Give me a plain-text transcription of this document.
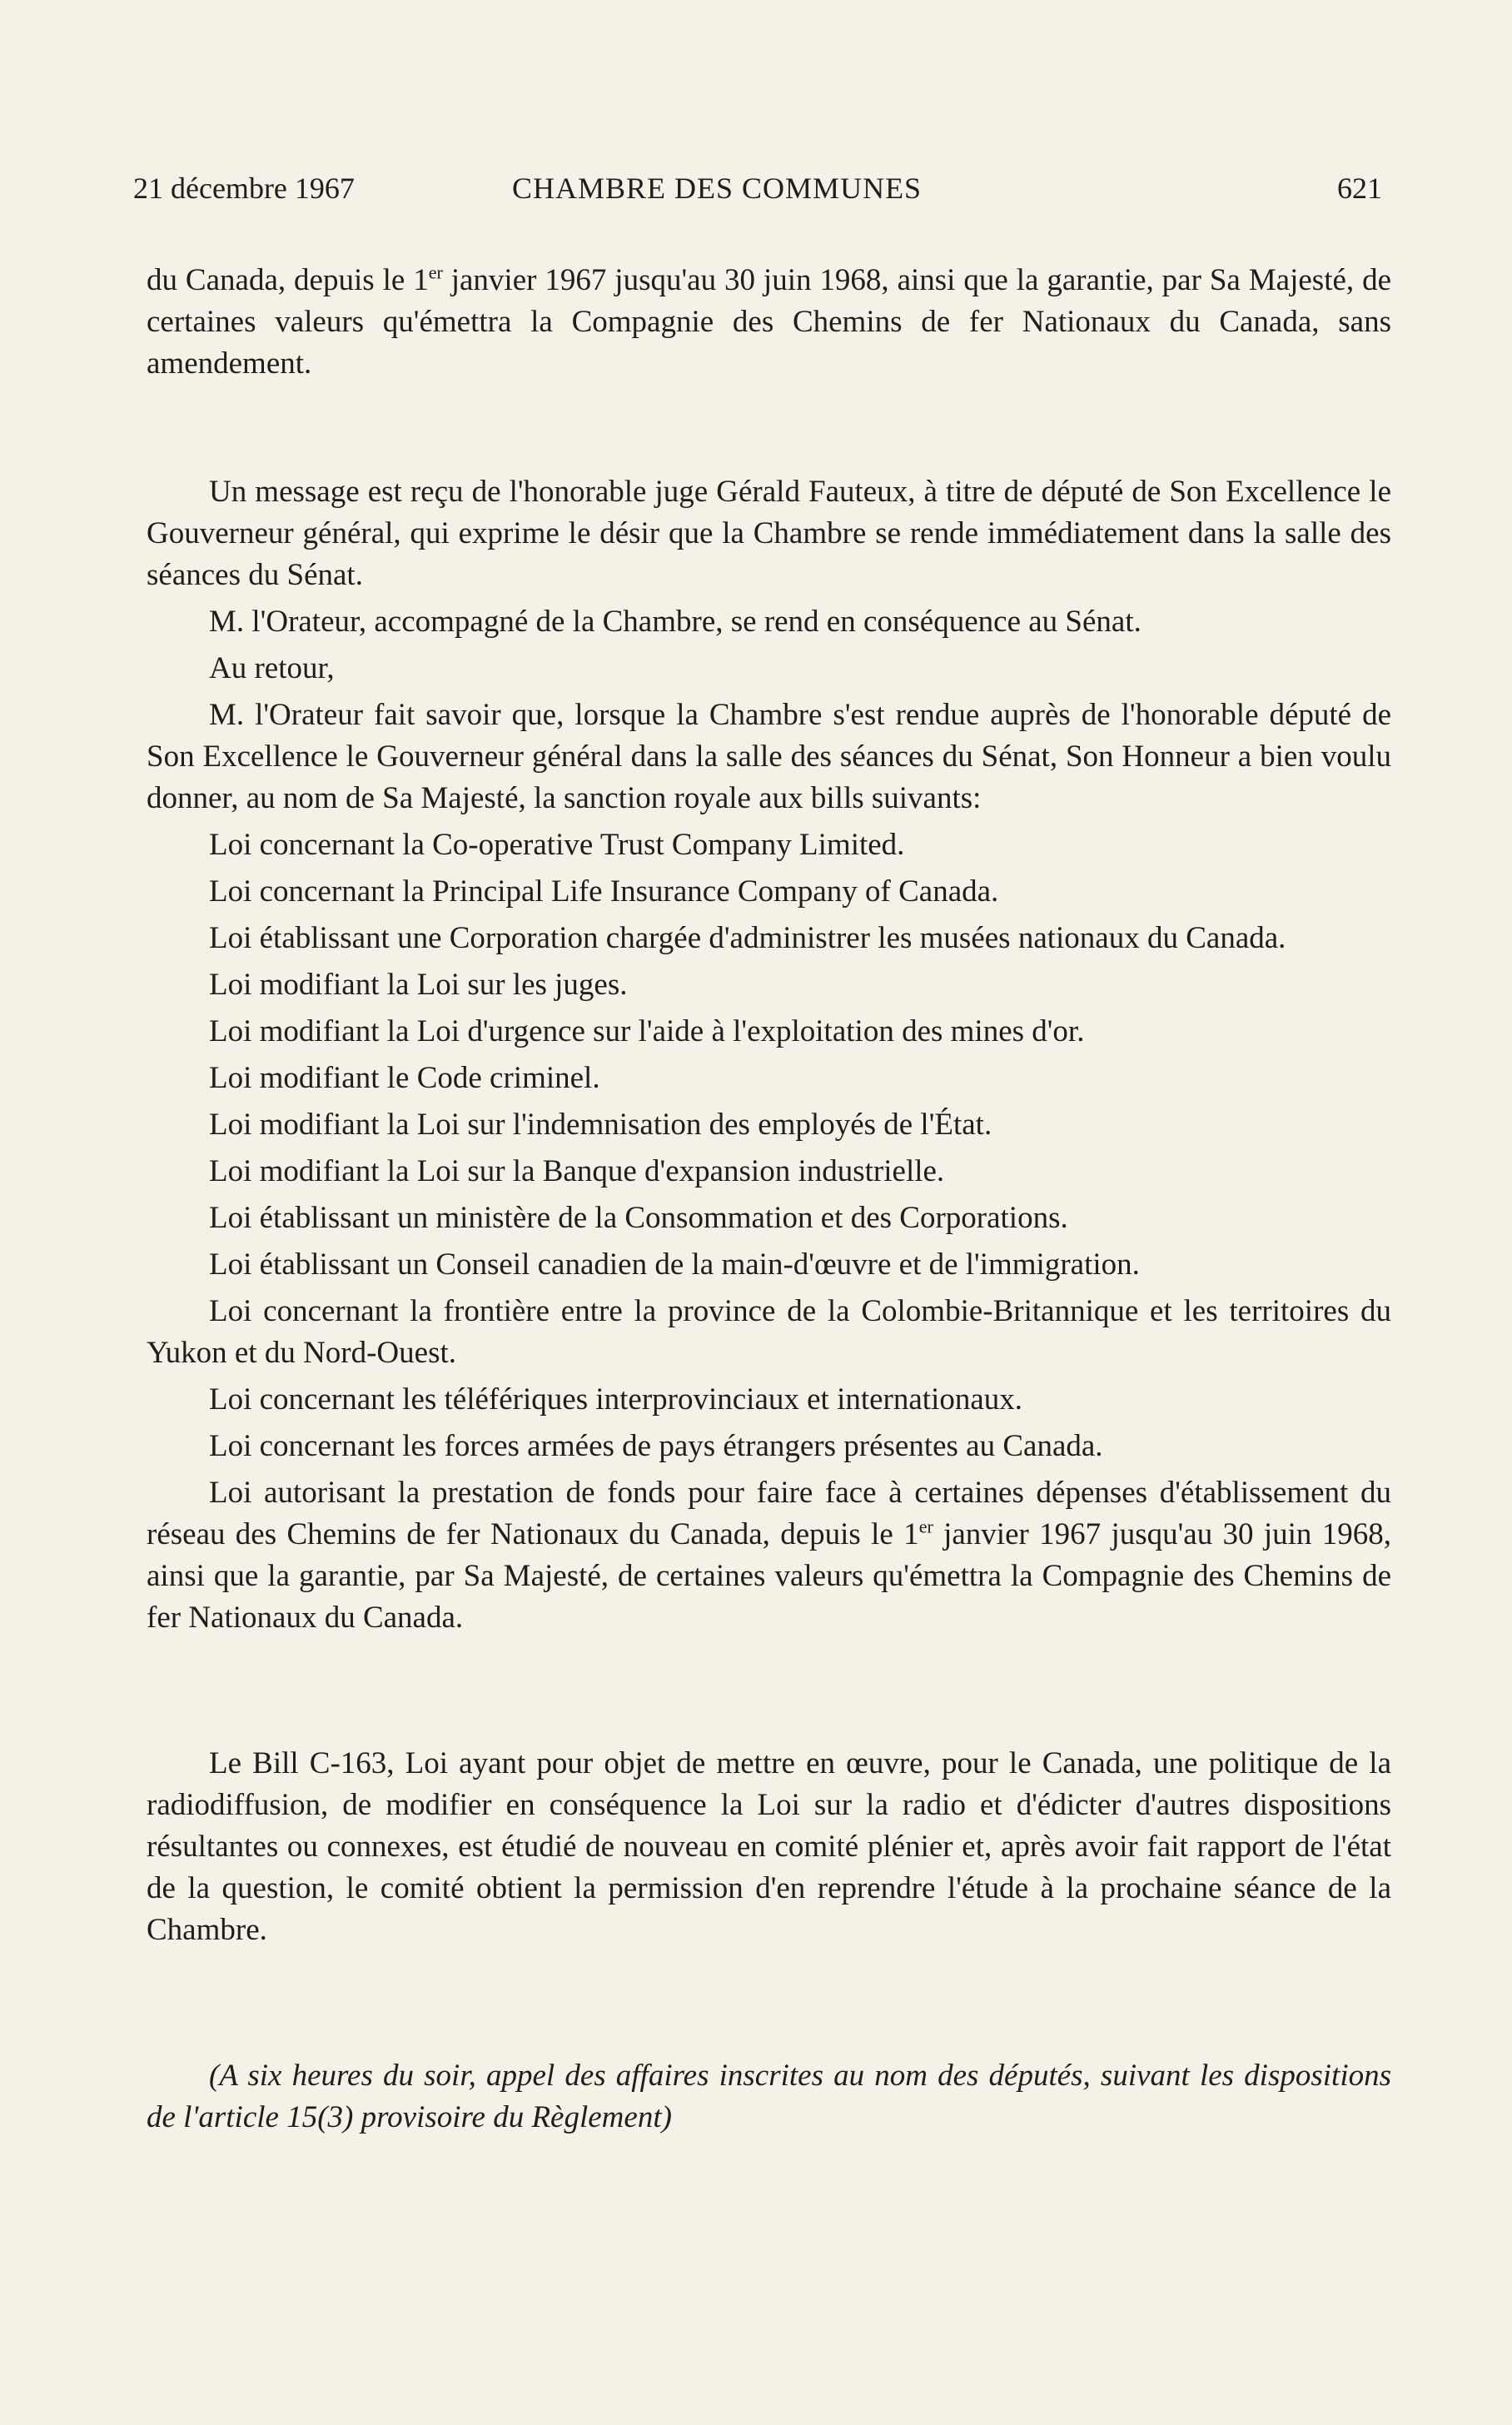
21 décembre 1967	CHAMBRE DES COMMUNES	621

du Canada, depuis le 1er janvier 1967 jusqu'au 30 juin 1968, ainsi que la garantie, par Sa Majesté, de certaines valeurs qu'émettra la Compagnie des Chemins de fer Nationaux du Canada, sans amendement.

Un message est reçu de l'honorable juge Gérald Fauteux, à titre de député de Son Excellence le Gouverneur général, qui exprime le désir que la Chambre se rende immédiatement dans la salle des séances du Sénat.

M. l'Orateur, accompagné de la Chambre, se rend en conséquence au Sénat.

Au retour,

M. l'Orateur fait savoir que, lorsque la Chambre s'est rendue auprès de l'honorable député de Son Excellence le Gouverneur général dans la salle des séances du Sénat, Son Honneur a bien voulu donner, au nom de Sa Majesté, la sanction royale aux bills suivants:

Loi concernant la Co-operative Trust Company Limited.

Loi concernant la Principal Life Insurance Company of Canada.

Loi établissant une Corporation chargée d'administrer les musées nationaux du Canada.

Loi modifiant la Loi sur les juges.

Loi modifiant la Loi d'urgence sur l'aide à l'exploitation des mines d'or.

Loi modifiant le Code criminel.

Loi modifiant la Loi sur l'indemnisation des employés de l'État.

Loi modifiant la Loi sur la Banque d'expansion industrielle.

Loi établissant un ministère de la Consommation et des Corporations.

Loi établissant un Conseil canadien de la main-d'œuvre et de l'immigration.

Loi concernant la frontière entre la province de la Colombie-Britannique et les territoires du Yukon et du Nord-Ouest.

Loi concernant les téléfériques interprovinciaux et internationaux.

Loi concernant les forces armées de pays étrangers présentes au Canada.

Loi autorisant la prestation de fonds pour faire face à certaines dépenses d'établissement du réseau des Chemins de fer Nationaux du Canada, depuis le 1er janvier 1967 jusqu'au 30 juin 1968, ainsi que la garantie, par Sa Majesté, de certaines valeurs qu'émettra la Compagnie des Chemins de fer Nationaux du Canada.

Le Bill C-163, Loi ayant pour objet de mettre en œuvre, pour le Canada, une politique de la radiodiffusion, de modifier en conséquence la Loi sur la radio et d'édicter d'autres dispositions résultantes ou connexes, est étudié de nouveau en comité plénier et, après avoir fait rapport de l'état de la question, le comité obtient la permission d'en reprendre l'étude à la prochaine séance de la Chambre.

(A six heures du soir, appel des affaires inscrites au nom des députés, suivant les dispositions de l'article 15(3) provisoire du Règlement)
